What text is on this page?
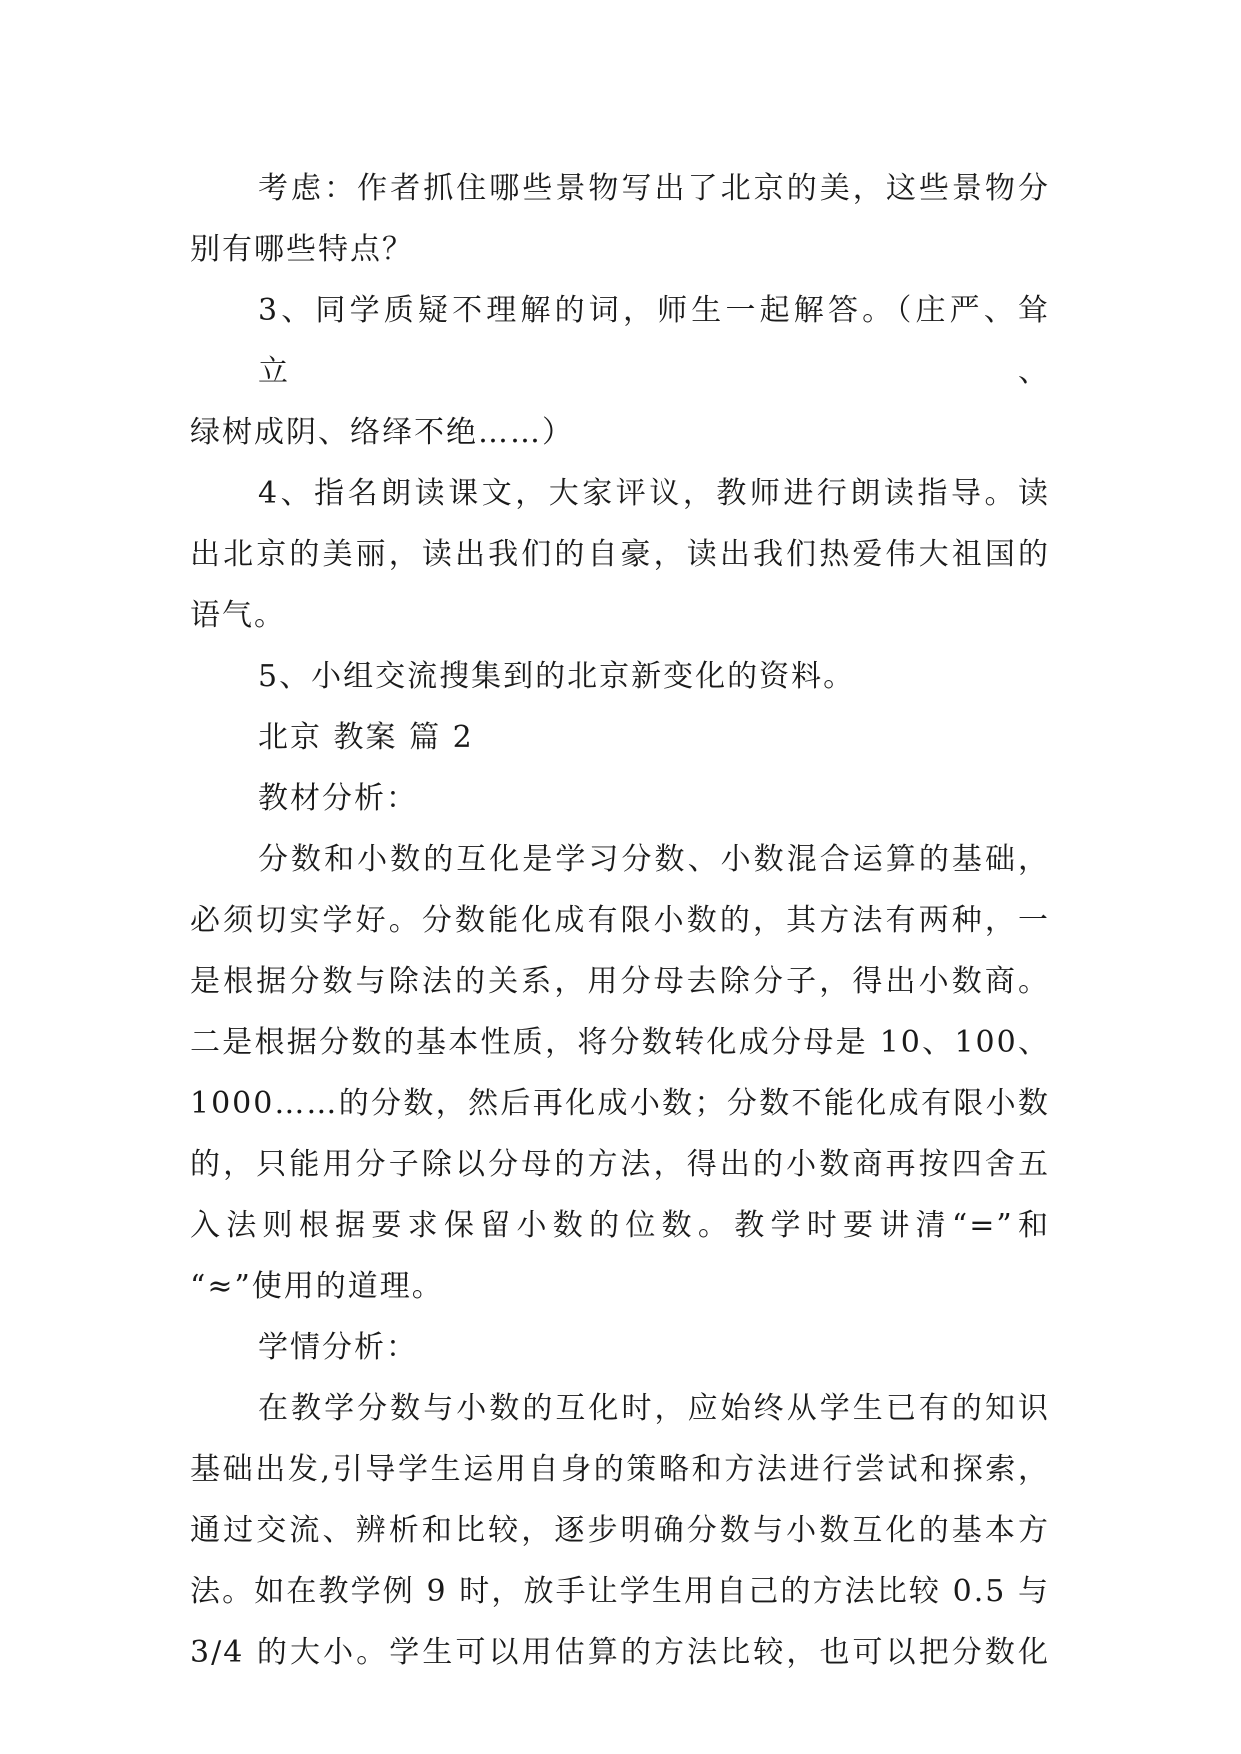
考虑：作者抓住哪些景物写出了北京的美，这些景物分
别有哪些特点？
3、同学质疑不理解的词，师生一起解答。（庄严、耸立、
绿树成阴、络绎不绝……）
4、指名朗读课文，大家评议，教师进行朗读指导。读
出北京的美丽，读出我们的自豪，读出我们热爱伟大祖国的
语气。
5、小组交流搜集到的北京新变化的资料。
北京 教案 篇 2
教材分析：
分数和小数的互化是学习分数、小数混合运算的基础，
必须切实学好。分数能化成有限小数的，其方法有两种，一
是根据分数与除法的关系，用分母去除分子，得出小数商。
二是根据分数的基本性质，将分数转化成分母是 10、100、
1000……的分数，然后再化成小数；分数不能化成有限小数
的，只能用分子除以分母的方法，得出的小数商再按四舍五
入法则根据要求保留小数的位数。教学时要讲清“=”和
“≈”使用的道理。
学情分析：
在教学分数与小数的互化时，应始终从学生已有的知识
基础出发,引导学生运用自身的策略和方法进行尝试和探索，
通过交流、辨析和比较，逐步明确分数与小数互化的基本方
法。如在教学例 9 时，放手让学生用自己的方法比较 0.5 与
3/4 的大小。学生可以用估算的方法比较，也可以把分数化
